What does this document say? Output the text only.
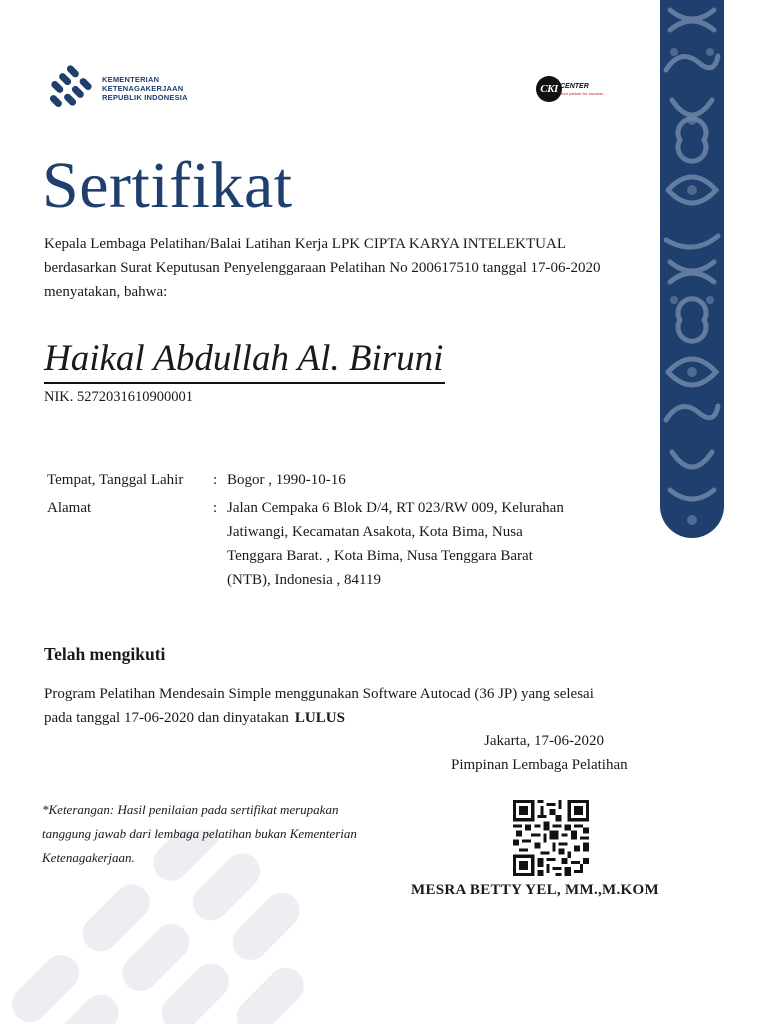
KEMENTERIAN
KETENAGAKERJAAN
REPUBLIK INDONESIA
CKI CENTER
Your partner for success
Sertifikat
Kepala Lembaga Pelatihan/Balai Latihan Kerja LPK CIPTA KARYA INTELEKTUAL berdasarkan Surat Keputusan Penyelenggaraan Pelatihan No 200617510 tanggal 17-06-2020 menyatakan, bahwa:
Haikal Abdullah Al. Biruni
NIK. 5272031610900001
Tempat, Tanggal Lahir	:	Bogor , 1990-10-16

Alamat	:	Jalan Cempaka 6 Blok D/4, RT 023/RW 009, Kelurahan Jatiwangi, Kecamatan Asakota, Kota Bima, Nusa Tenggara Barat. , Kota Bima, Nusa Tenggara Barat (NTB), Indonesia , 84119
Telah mengikuti
Program Pelatihan Mendesain Simple menggunakan Software Autocad (36 JP) yang selesai pada tanggal 17-06-2020 dan dinyatakan LULUS
Jakarta, 17-06-2020
Pimpinan Lembaga Pelatihan
*Keterangan: Hasil penilaian pada sertifikat merupakan tanggung jawab dari lembaga pelatihan bukan Kementerian Ketenagakerjaan.
MESRA BETTY YEL, MM.,M.KOM
